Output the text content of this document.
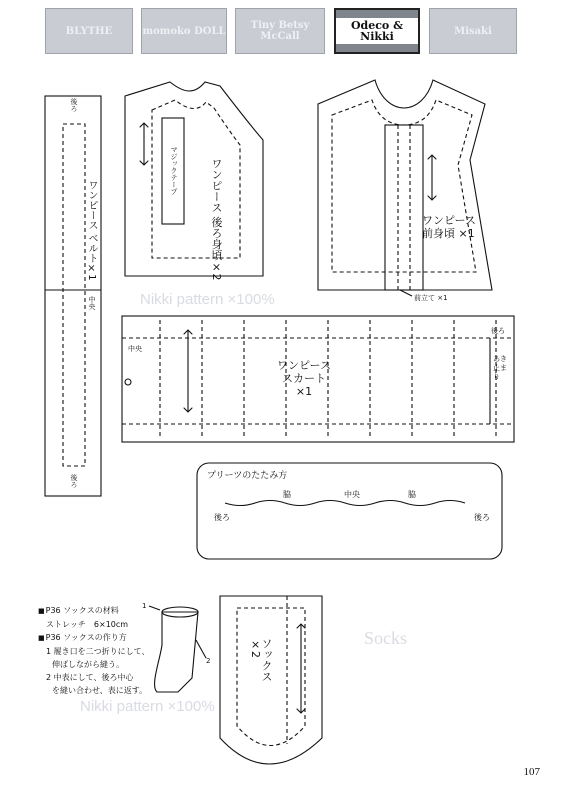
BLYTHE	momoko DOLL	Tiny Betsy McCall
Odeco & Nikki	Misaki
後ろ
ワンピース ベルト×1
中央
後ろ
マジックテープ	ワンピース 後ろ身頃×2	ワンピース 前身頃 ×1
前立て ×1
Nikki pattern ×100%
Nikki pattern ×100%
Socks
中央
ワンピース スカート ×1
後ろ
あき 止まり
プリーツのたたみ方
後ろ
脇	中央	脇
後ろ
■ P36 ソックスの材料
ストレッチ　6×10cm
■ P36 ソックスの作り方
1 履き口を二つ折りにして、
伸ばしながら縫う。
2 中表にして、後ろ中心
を縫い合わせ、表に返す。
1
2	ソックス ×2
107
